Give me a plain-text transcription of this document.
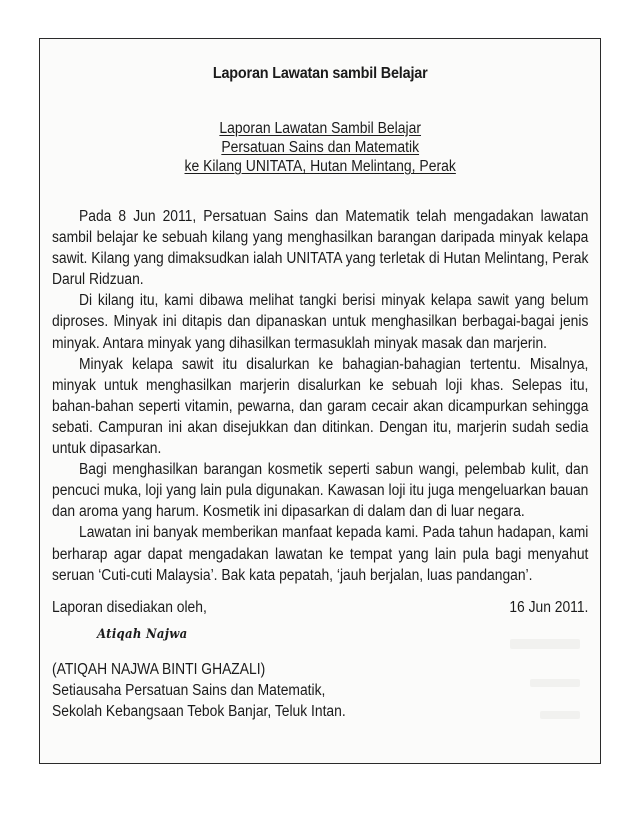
Laporan Lawatan sambil Belajar
Laporan Lawatan Sambil Belajar
Persatuan Sains dan Matematik
ke Kilang UNITATA, Hutan Melintang, Perak

Pada 8 Jun 2011, Persatuan Sains dan Matematik telah mengadakan lawatan sambil belajar ke sebuah kilang yang menghasilkan barangan daripada minyak kelapa sawit. Kilang yang dimaksudkan ialah UNITATA yang terletak di Hutan Melintang, Perak Darul Ridzuan.

Di kilang itu, kami dibawa melihat tangki berisi minyak kelapa sawit yang belum diproses. Minyak ini ditapis dan dipanaskan untuk menghasilkan berbagai-bagai jenis minyak. Antara minyak yang dihasilkan termasuklah minyak masak dan marjerin.

Minyak kelapa sawit itu disalurkan ke bahagian-bahagian tertentu. Misalnya, minyak untuk menghasilkan marjerin disalurkan ke sebuah loji khas. Selepas itu, bahan-bahan seperti vitamin, pewarna, dan garam cecair akan dicampurkan sehingga sebati. Campuran ini akan disejukkan dan ditinkan. Dengan itu, marjerin sudah sedia untuk dipasarkan.

Bagi menghasilkan barangan kosmetik seperti sabun wangi, pelembab kulit, dan pencuci muka, loji yang lain pula digunakan. Kawasan loji itu juga mengeluarkan bauan dan aroma yang harum. Kosmetik ini dipasarkan di dalam dan di luar negara.

Lawatan ini banyak memberikan manfaat kepada kami. Pada tahun hadapan, kami berharap agar dapat mengadakan lawatan ke tempat yang lain pula bagi menyahut seruan ‘Cuti-cuti Malaysia’. Bak kata pepatah, ‘jauh berjalan, luas pandangan’.

Laporan disediakan oleh,	16 Jun 2011.
Atiqah Najwa
(ATIQAH NAJWA BINTI GHAZALI)
Setiausaha Persatuan Sains dan Matematik,
Sekolah Kebangsaan Tebok Banjar, Teluk Intan.
